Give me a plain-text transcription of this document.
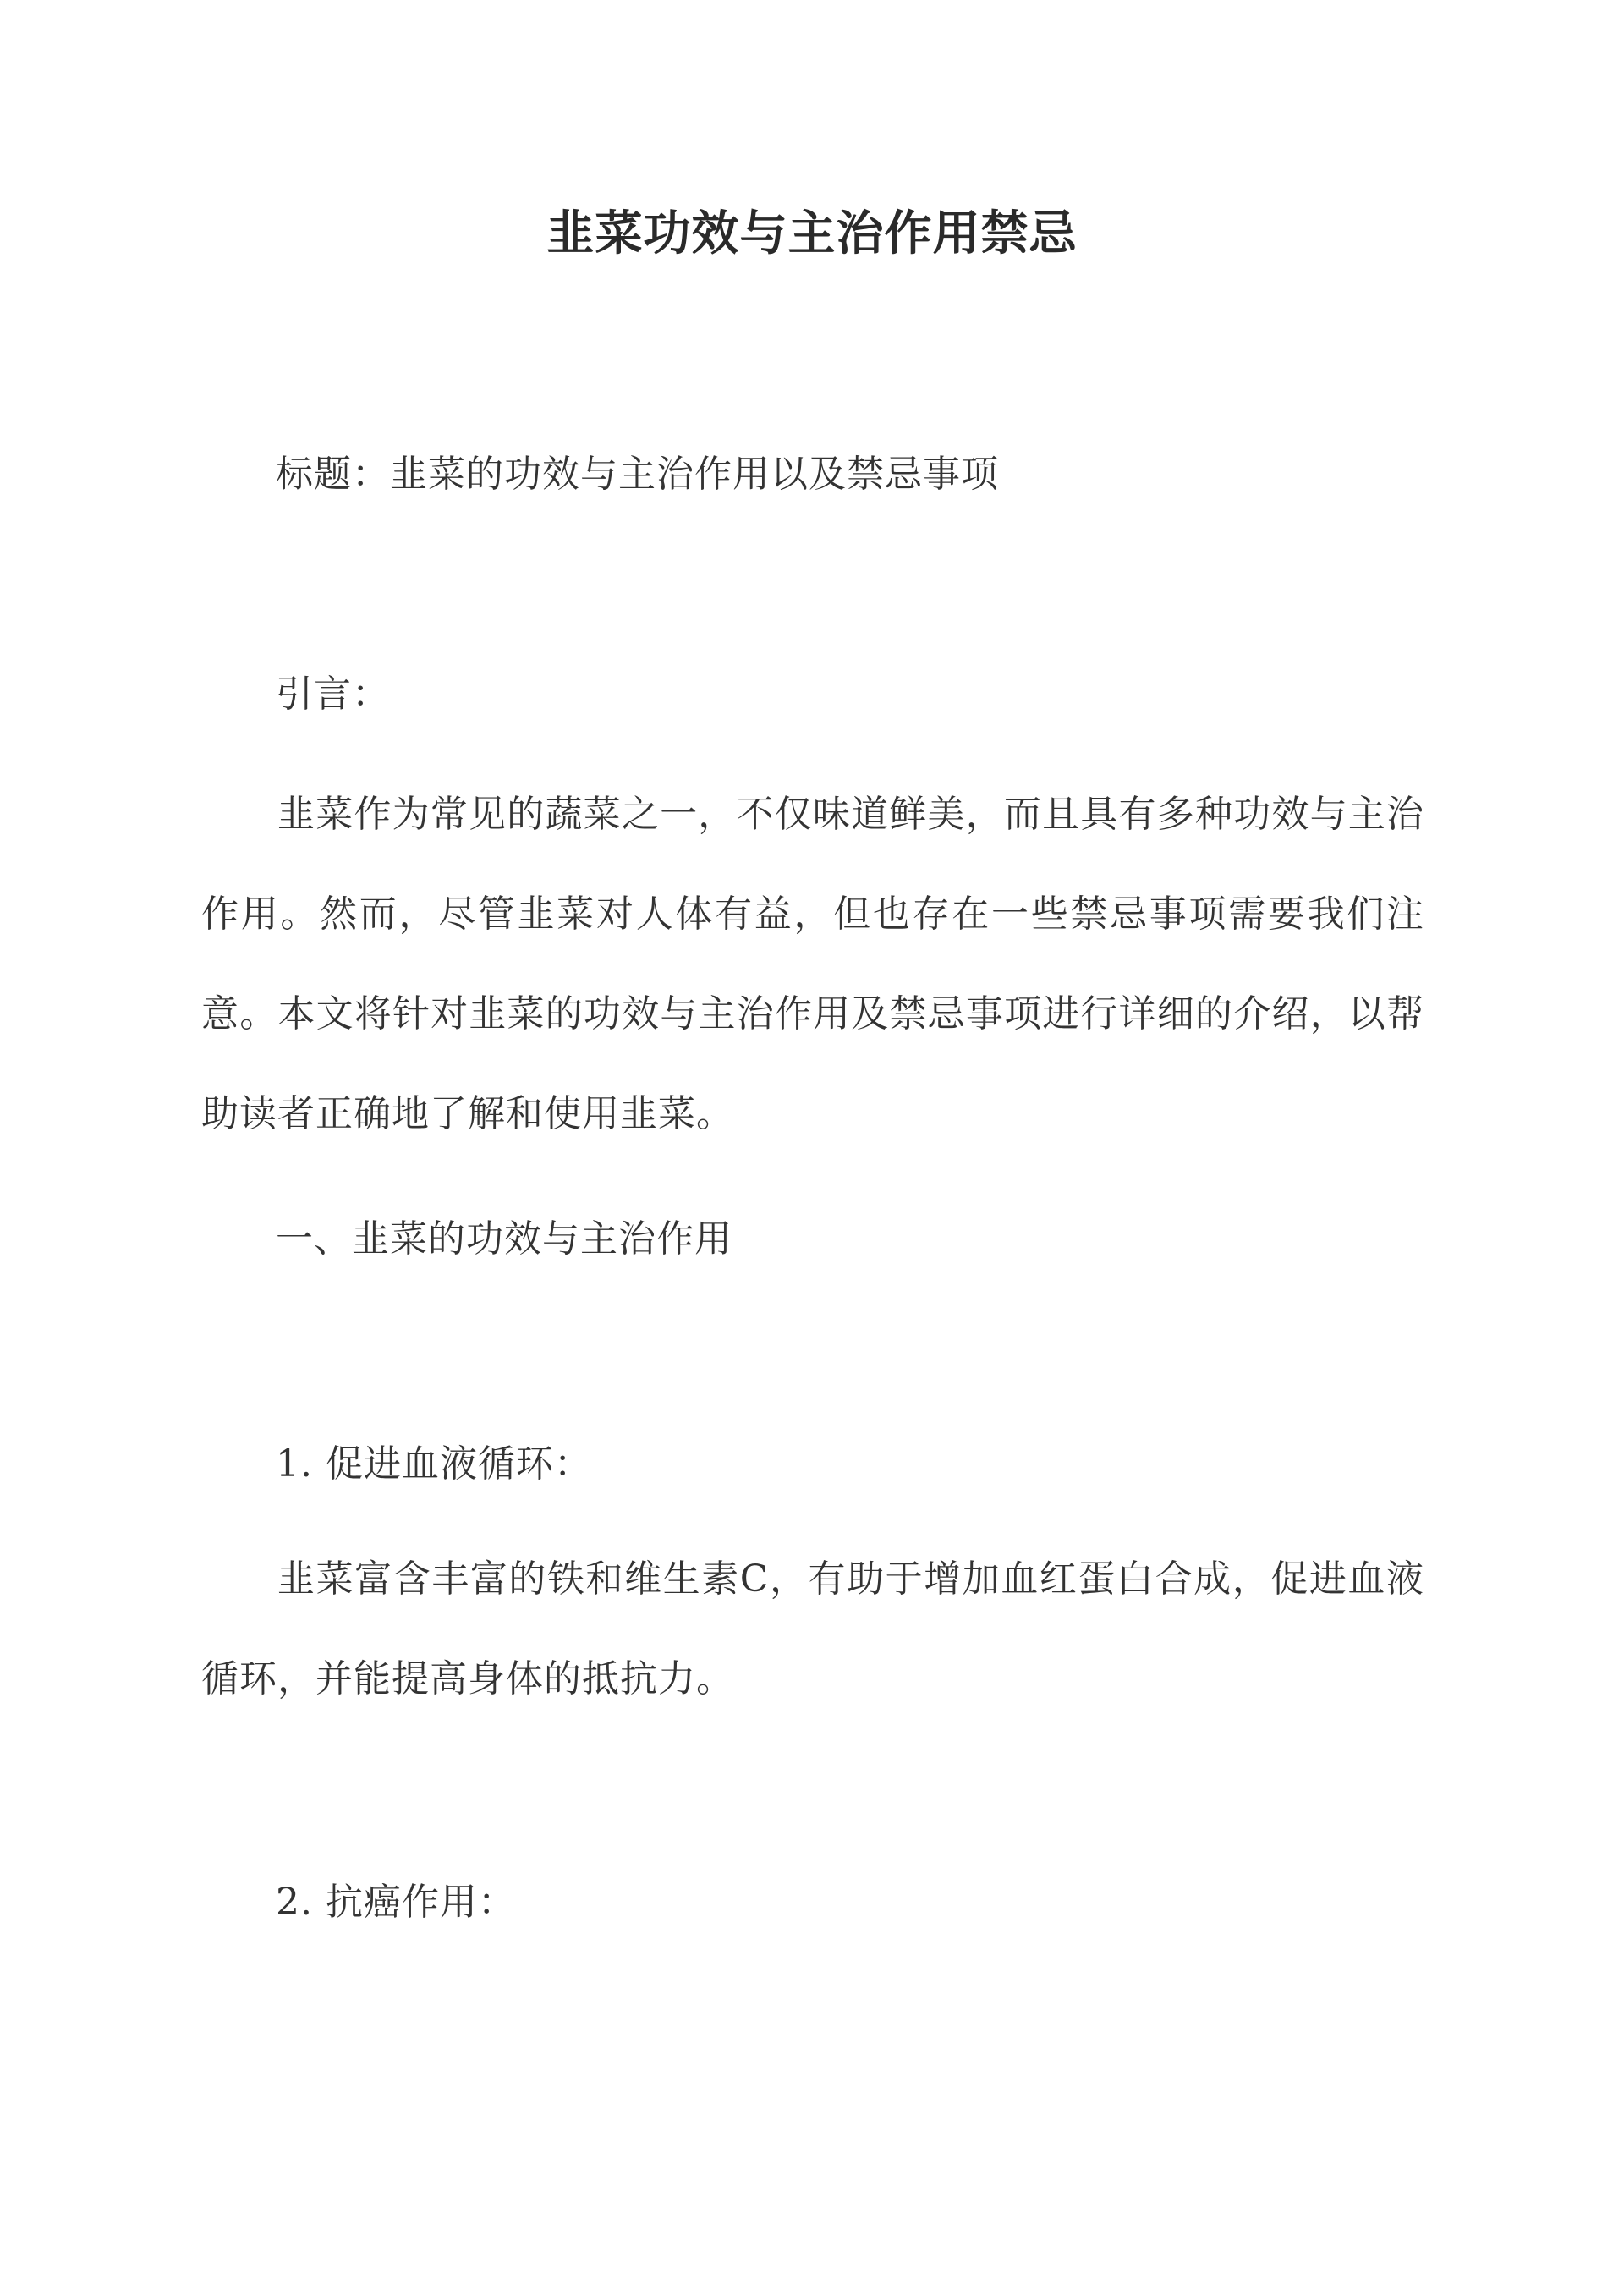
韭菜功效与主治作用禁忌
标题：韭菜的功效与主治作用以及禁忌事项
引言：
韭菜作为常见的蔬菜之一，不仅味道鲜美，而且具有多种功效与主治作用。然而，尽管韭菜对人体有益，但也存在一些禁忌事项需要我们注意。本文将针对韭菜的功效与主治作用及禁忌事项进行详细的介绍，以帮助读者正确地了解和使用韭菜。
一、韭菜的功效与主治作用
1. 促进血液循环：
韭菜富含丰富的铁和维生素C，有助于增加血红蛋白合成，促进血液循环，并能提高身体的抵抗力。
2. 抗癌作用：
